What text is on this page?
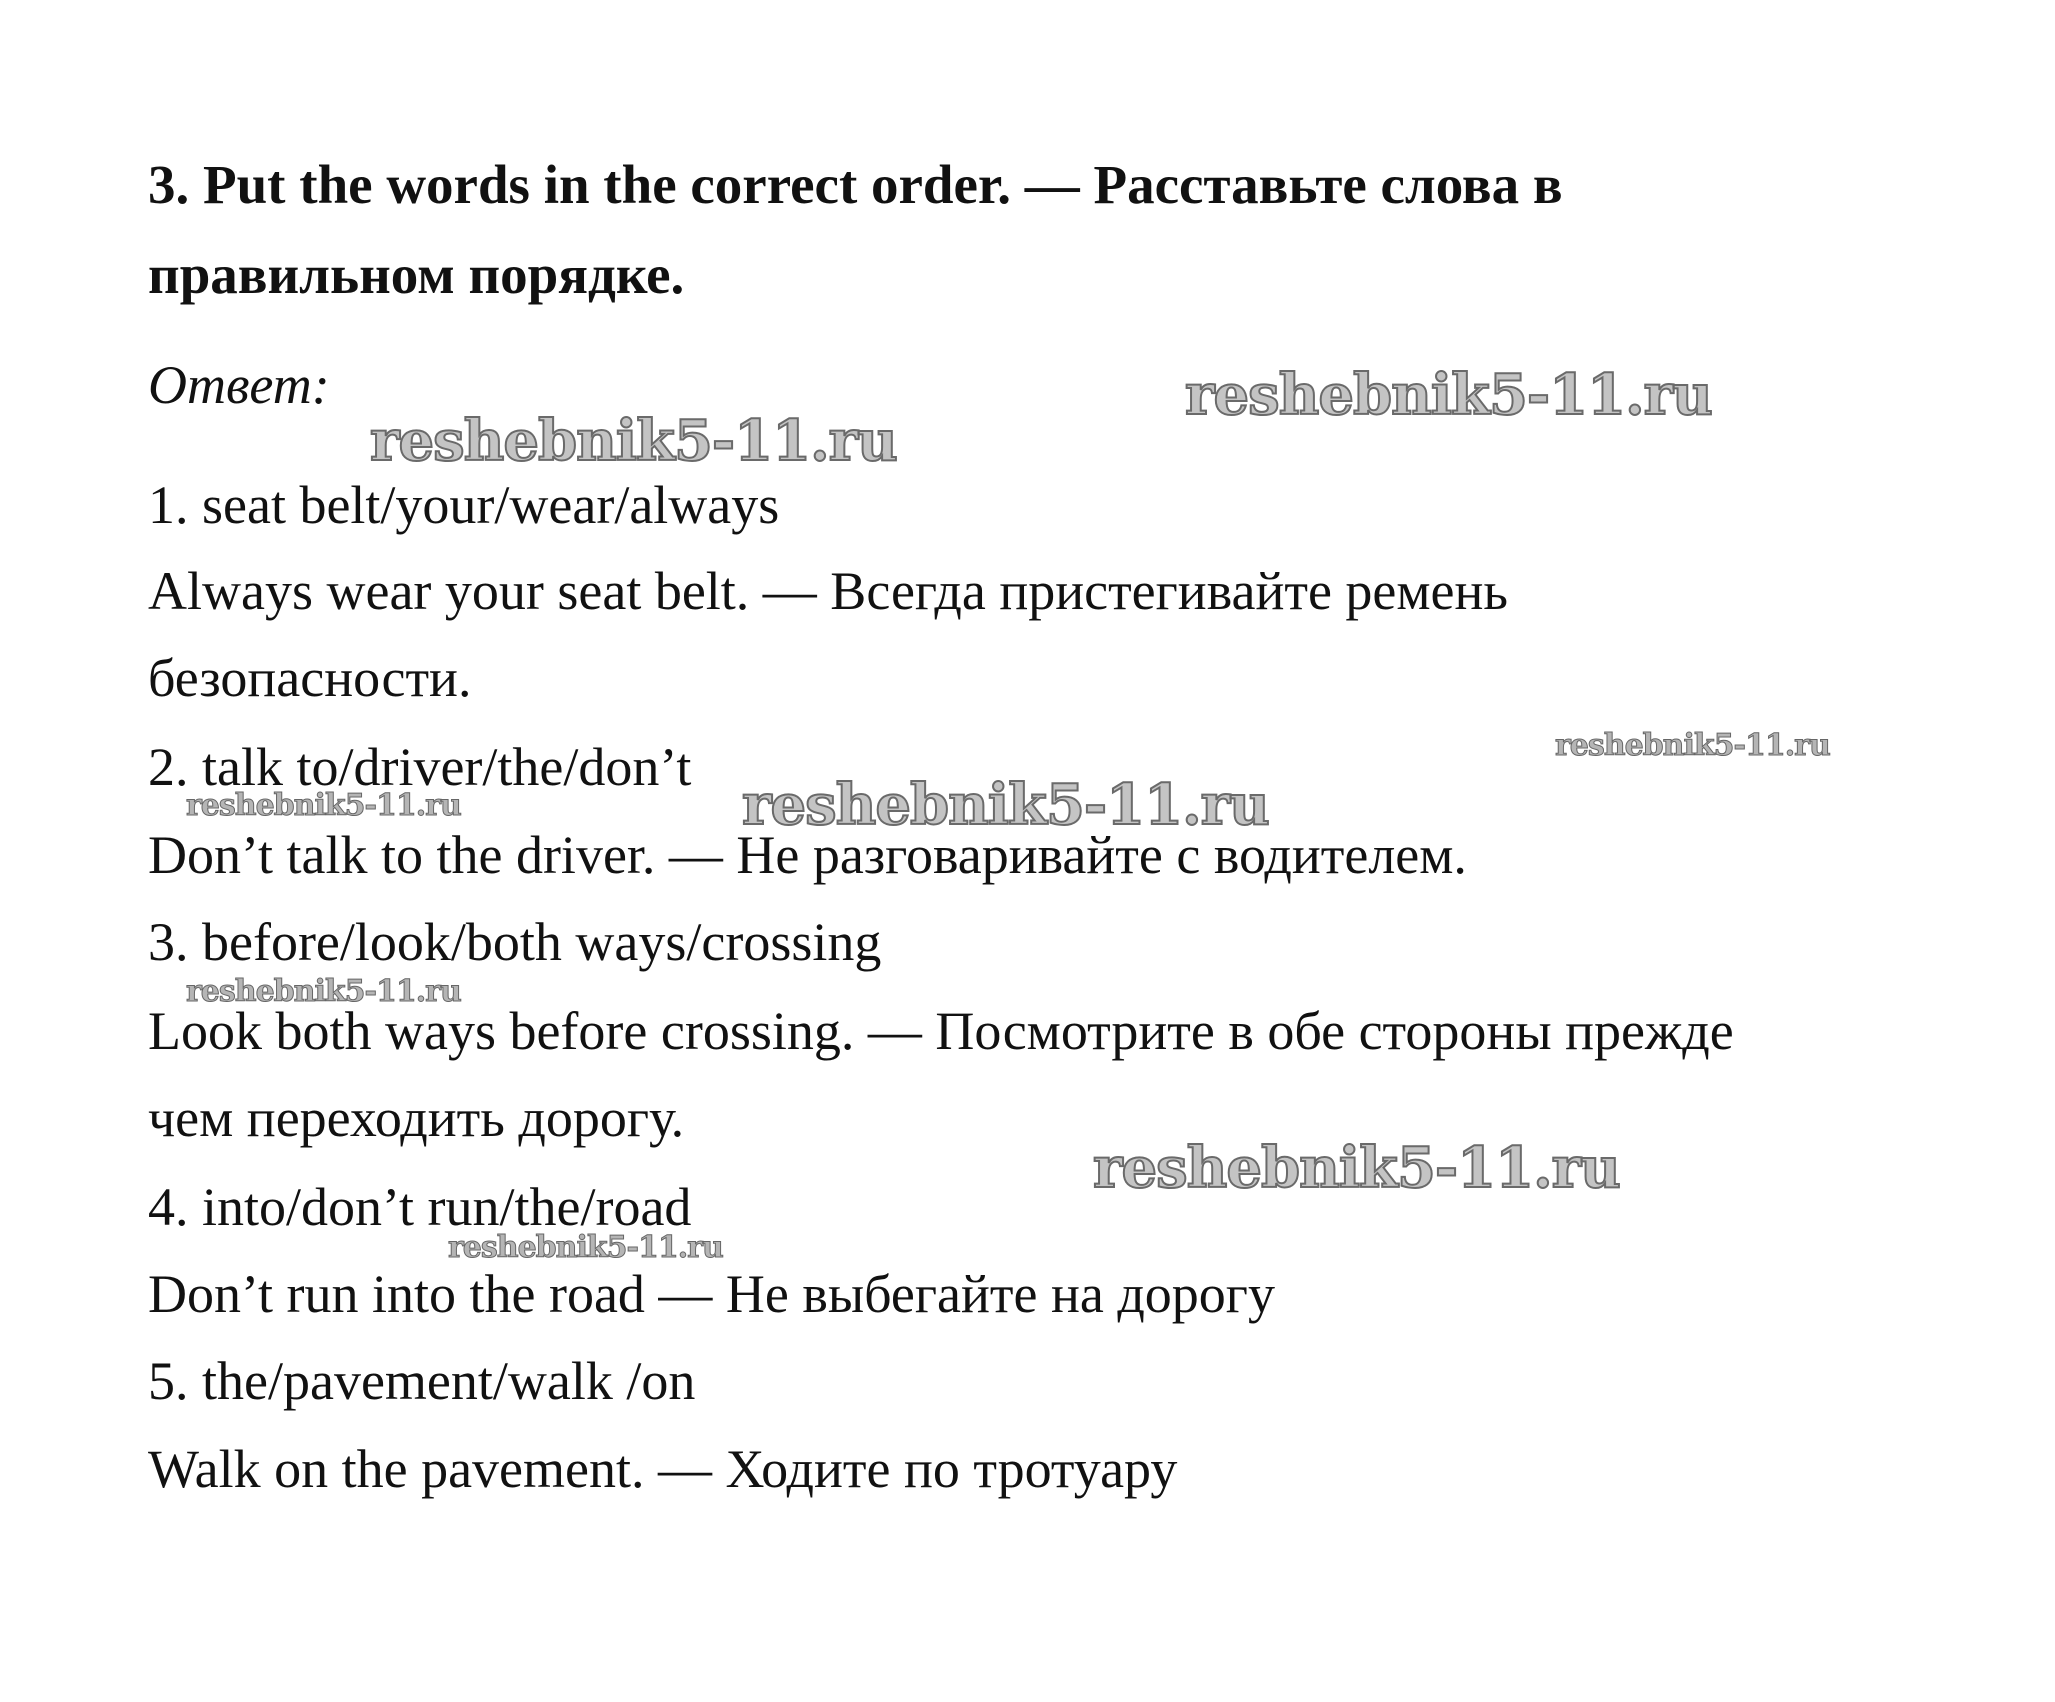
3. Put the words in the correct order. — Расставьте слова в правильном порядке.
Ответ:
1. seat belt/your/wear/always
Always wear your seat belt. — Всегда пристегивайте ремень
безопасности.
2. talk to/driver/the/don’t
Don’t talk to the driver. — Не разговаривайте с водителем.
3. before/look/both ways/crossing
Look both ways before crossing. — Посмотрите в обе стороны прежде
чем переходить дорогу.
4. into/don’t run/the/road
Don’t run into the road — Не выбегайте на дорогу
5. the/pavement/walk /on
Walk on the pavement. — Ходите по тротуару
reshebnik5-11.ru
reshebnik5-11.ru
reshebnik5-11.ru
reshebnik5-11.ru
reshebnik5-11.ru
reshebnik5-11.ru
reshebnik5-11.ru
reshebnik5-11.ru
